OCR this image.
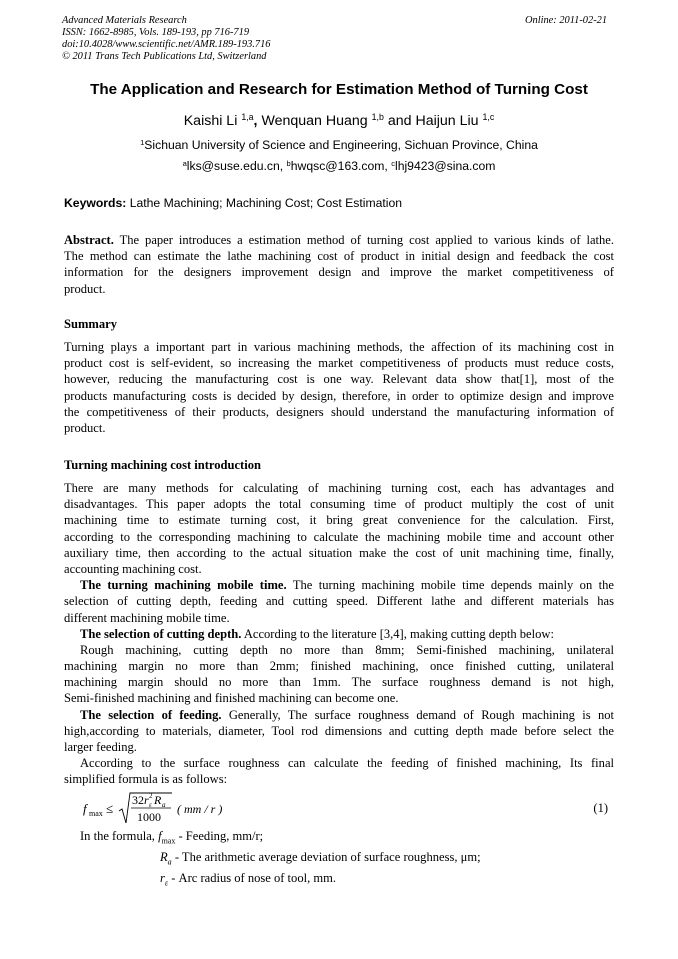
Advanced Materials Research
ISSN: 1662-8985, Vols. 189-193, pp 716-719
doi:10.4028/www.scientific.net/AMR.189-193.716
© 2011 Trans Tech Publications Ltd, Switzerland
Online: 2011-02-21
The Application and Research for Estimation Method of Turning Cost
Kaishi Li $^{1,a}$, Wenquan Huang $^{1,b}$ and Haijun Liu $^{1,c}$
$^1$Sichuan University of Science and Engineering, Sichuan Province, China
$^a$lks@suse.edu.cn, $^b$hwqsc@163.com, $^c$lhj9423@sina.com
Keywords: Lathe Machining; Machining Cost; Cost Estimation
Abstract. The paper introduces a estimation method of turning cost applied to various kinds of lathe.
The method can estimate the lathe machining cost of product in initial design and feedback the cost
information for the designers improvement design and improve the market competitiveness of
product.
Summary
Turning plays a important part in various machining methods, the affection of its machining cost in
product cost is self-evident, so increasing the market competitiveness of products must reduce costs,
however, reducing the manufacturing cost is one way. Relevant data show that[1], most of the
products manufacturing costs is decided by design, therefore, in order to optimize design and improve
the competitiveness of their products, designers should understand the manufacturing information of
product.
Turning machining cost introduction
There are many methods for calculating of machining turning cost, each has advantages and
disadvantages. This paper adopts the total consuming time of product multiply the cost of unit
machining time to estimate turning cost, it bring great convenience for the calculation. First,
according to the corresponding machining to calculate the machining mobile time and account other
auxiliary time, then according to the actual situation make the cost of unit machining time, finally,
accounting machining cost.
The turning machining mobile time. The turning machining mobile time depends mainly on the
selection of cutting depth, feeding and cutting speed. Different lathe and different materials has
different machining mobile time.
The selection of cutting depth. According to the literature [3,4], making cutting depth below:
Rough machining, cutting depth no more than 8mm; Semi-finished machining, unilateral
machining margin no more than 2mm; finished machining, once finished cutting, unilateral
machining margin should no more than 1mm. The surface roughness demand is not high,
Semi-finished machining and finished machining can become one.
The selection of feeding. Generally, The surface roughness demand of Rough machining is not
high,according to materials, diameter, Tool rod dimensions and cutting depth made before select the
larger feeding.
According to the surface roughness can calculate the feeding of finished machining, Its final
simplified formula is as follows:
f max ≤
32 r ε
2 R a
1000
( mm / r )	(1)
In the formula, $f_{max}$ - Feeding, mm/r;
$R_a$ - The arithmetic average deviation of surface roughness, μm;
$r_\varepsilon$ - Arc radius of nose of tool, mm.
